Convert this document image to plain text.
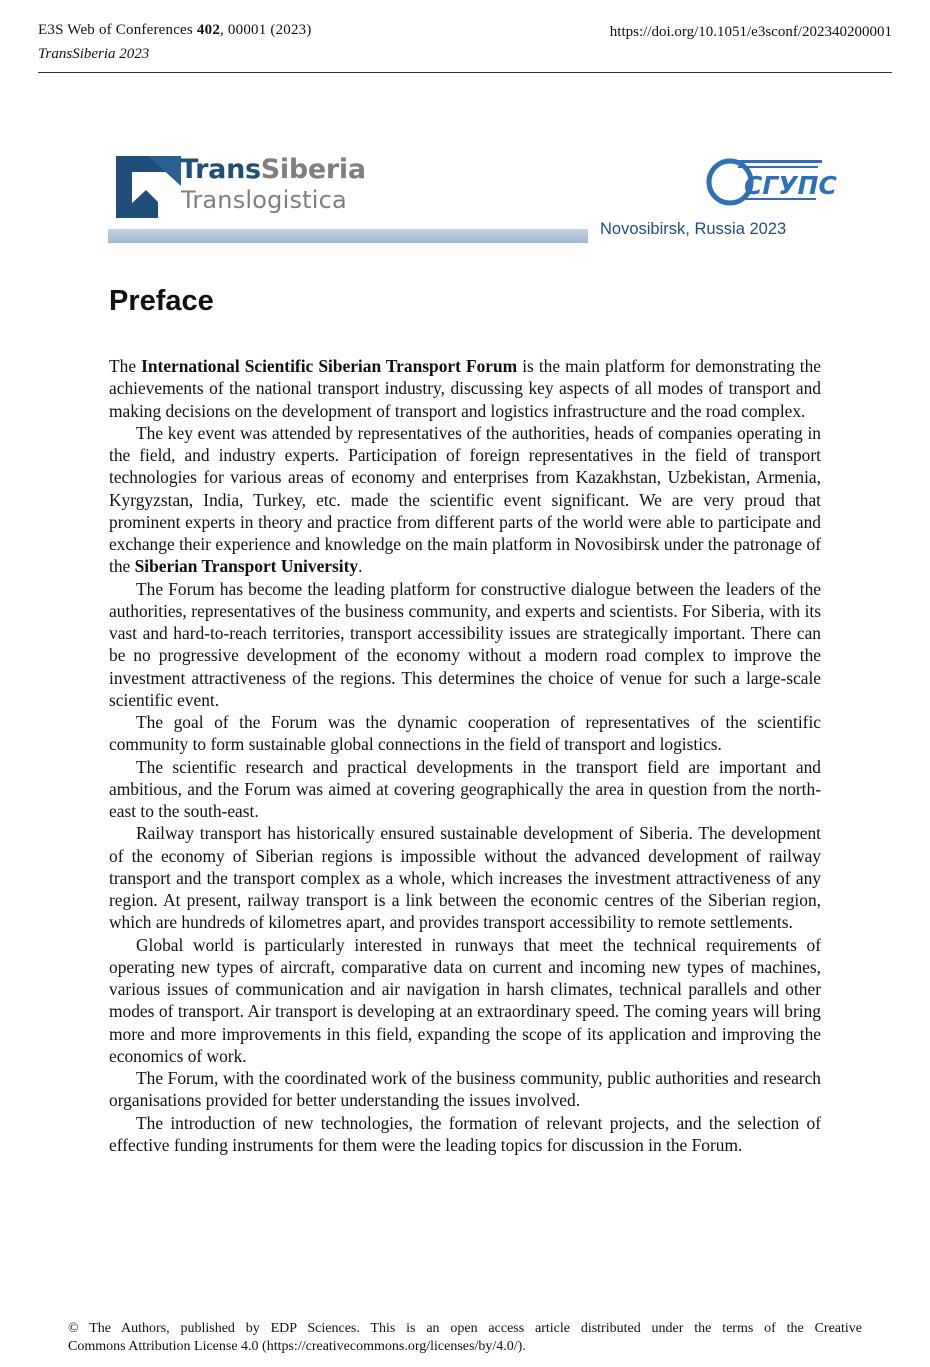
E3S Web of Conferences 402, 00001 (2023)
TransSiberia 2023
https://doi.org/10.1051/e3sconf/202340200001
TransSiberia
Translogistica	СГУПС
Novosibirsk, Russia 2023
Preface

The International Scientific Siberian Transport Forum is the main platform for demonstrating the achievements of the national transport industry, discussing key aspects of all modes of transport and making decisions on the development of transport and logistics infrastructure and the road complex.

The key event was attended by representatives of the authorities, heads of companies operating in the field, and industry experts. Participation of foreign representatives in the field of transport technologies for various areas of economy and enterprises from Kazakhstan, Uzbekistan, Armenia, Kyrgyzstan, India, Turkey, etc. made the scientific event significant. We are very proud that prominent experts in theory and practice from different parts of the world were able to participate and exchange their experience and knowledge on the main platform in Novosibirsk under the patronage of the Siberian Transport University.

The Forum has become the leading platform for constructive dialogue between the leaders of the authorities, representatives of the business community, and experts and scientists. For Siberia, with its vast and hard-to-reach territories, transport accessibility issues are strategically important. There can be no progressive development of the economy without a modern road complex to improve the investment attractiveness of the regions. This determines the choice of venue for such a large-scale scientific event.

The goal of the Forum was the dynamic cooperation of representatives of the scientific community to form sustainable global connections in the field of transport and logistics.

The scientific research and practical developments in the transport field are important and ambitious, and the Forum was aimed at covering geographically the area in question from the north-east to the south-east.

Railway transport has historically ensured sustainable development of Siberia. The development of the economy of Siberian regions is impossible without the advanced development of railway transport and the transport complex as a whole, which increases the investment attractiveness of any region. At present, railway transport is a link between the economic centres of the Siberian region, which are hundreds of kilometres apart, and provides transport accessibility to remote settlements.

Global world is particularly interested in runways that meet the technical requirements of operating new types of aircraft, comparative data on current and incoming new types of machines, various issues of communication and air navigation in harsh climates, technical parallels and other modes of transport. Air transport is developing at an extraordinary speed. The coming years will bring more and more improvements in this field, expanding the scope of its application and improving the economics of work.

The Forum, with the coordinated work of the business community, public authorities and research organisations provided for better understanding the issues involved.

The introduction of new technologies, the formation of relevant projects, and the selection of effective funding instruments for them were the leading topics for discussion in the Forum.

© The Authors, published by EDP Sciences. This is an open access article distributed under the terms of the Creative
Commons Attribution License 4.0 (https://creativecommons.org/licenses/by/4.0/).
